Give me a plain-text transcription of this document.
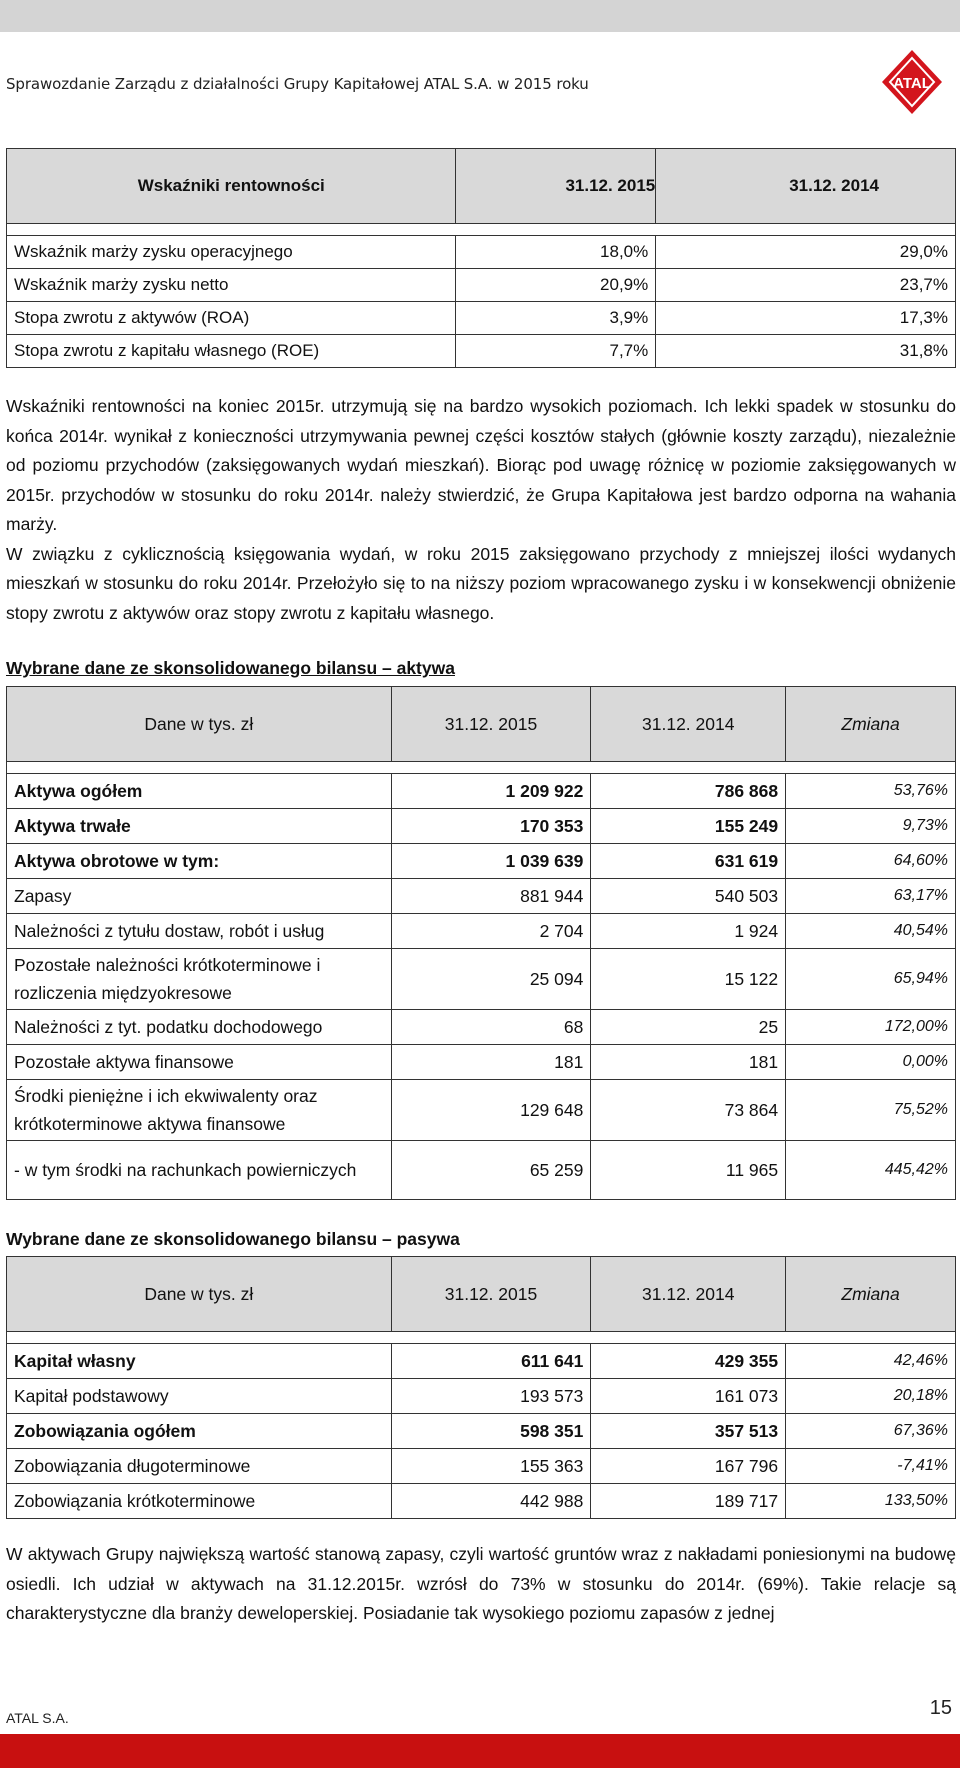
Sprawozdanie Zarządu z działalności Grupy Kapitałowej ATAL S.A. w 2015 roku	ATAL
Wskaźniki rentowności	31.12. 2015	31.12. 2014

Wskaźnik marży zysku operacyjnego	18,0%	29,0%
Wskaźnik marży zysku netto	20,9%	23,7%
Stopa zwrotu z aktywów (ROA)	3,9%	17,3%
Stopa zwrotu z kapitału własnego (ROE)	7,7%	31,8%

Wskaźniki rentowności na koniec 2015r. utrzymują się na bardzo wysokich poziomach. Ich lekki spadek w stosunku do końca 2014r. wynikał z konieczności utrzymywania pewnej części kosztów stałych (głównie koszty zarządu), niezależnie od poziomu przychodów (zaksięgowanych wydań mieszkań). Biorąc pod uwagę różnicę w poziomie zaksięgowanych w 2015r. przychodów w stosunku do roku 2014r. należy stwierdzić, że Grupa Kapitałowa jest bardzo odporna na wahania marży.

W związku z cyklicznością księgowania wydań, w roku 2015 zaksięgowano przychody z mniejszej ilości wydanych mieszkań w stosunku do roku 2014r. Przełożyło się to na niższy poziom wpracowanego zysku i w konsekwencji obniżenie stopy zwrotu z aktywów oraz stopy zwrotu z kapitału własnego.

Wybrane dane ze skonsolidowanego bilansu – aktywa
Dane w tys. zł	31.12. 2015	31.12. 2014	Zmiana

Aktywa ogółem	1 209 922	786 868	53,76%
Aktywa trwałe	170 353	155 249	9,73%
Aktywa obrotowe w tym:	1 039 639	631 619	64,60%
Zapasy	881 944	540 503	63,17%
Należności z tytułu dostaw, robót i usług	2 704	1 924	40,54%
Pozostałe należności krótkoterminowe i rozliczenia międzyokresowe	25 094	15 122	65,94%
Należności z tyt. podatku dochodowego	68	25	172,00%
Pozostałe aktywa finansowe	181	181	0,00%
Środki pieniężne i ich ekwiwalenty oraz krótkoterminowe aktywa finansowe	129 648	73 864	75,52%
- w tym środki na rachunkach powierniczych	65 259	11 965	445,42%
Wybrane dane ze skonsolidowanego bilansu – pasywa
Dane w tys. zł	31.12. 2015	31.12. 2014	Zmiana

Kapitał własny	611 641	429 355	42,46%
Kapitał podstawowy	193 573	161 073	20,18%
Zobowiązania ogółem	598 351	357 513	67,36%
Zobowiązania długoterminowe	155 363	167 796	-7,41%
Zobowiązania krótkoterminowe	442 988	189 717	133,50%

W aktywach Grupy największą wartość stanową zapasy, czyli wartość gruntów wraz z nakładami poniesionymi na budowę osiedli. Ich udział w aktywach na 31.12.2015r. wzrósł do 73% w stosunku do 2014r. (69%). Takie relacje są charakterystyczne dla branży deweloperskiej. Posiadanie tak wysokiego poziomu zapasów z jednej

ATAL S.A.	15
